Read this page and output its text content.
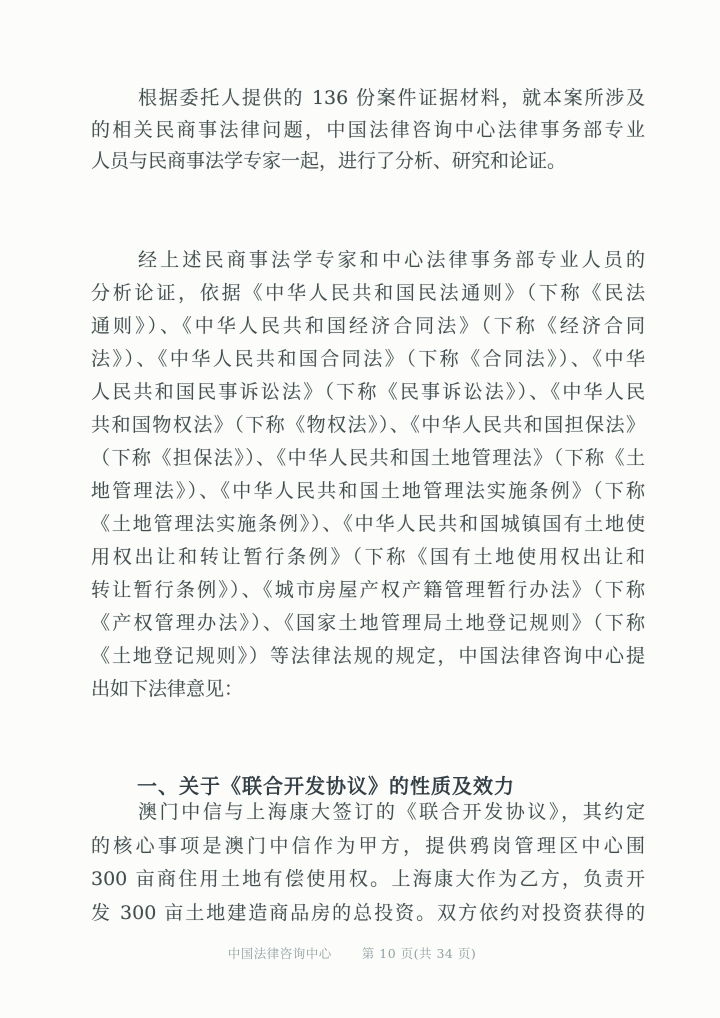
根据委托人提供的 136 份案件证据材料，就本案所涉及
的相关民商事法律问题，中国法律咨询中心法律事务部专业
人员与民商事法学专家一起，进行了分析、研究和论证。
经上述民商事法学专家和中心法律事务部专业人员的
分析论证，依据《中华人民共和国民法通则》（下称《民法
通则》）、《中华人民共和国经济合同法》（下称《经济合同
法》）、《中华人民共和国合同法》（下称《合同法》）、《中华
人民共和国民事诉讼法》（下称《民事诉讼法》）、《中华人民
共和国物权法》（下称《物权法》）、《中华人民共和国担保法》
（下称《担保法》）、《中华人民共和国土地管理法》（下称《土
地管理法》）、《中华人民共和国土地管理法实施条例》（下称
《土地管理法实施条例》）、《中华人民共和国城镇国有土地使
用权出让和转让暂行条例》（下称《国有土地使用权出让和
转让暂行条例》）、《城市房屋产权产籍管理暂行办法》（下称
《产权管理办法》）、《国家土地管理局土地登记规则》（下称
《土地登记规则》）等法律法规的规定，中国法律咨询中心提
出如下法律意见：
一、关于《联合开发协议》的性质及效力
澳门中信与上海康大签订的《联合开发协议》，其约定
的核心事项是澳门中信作为甲方，提供鸦岗管理区中心围
300 亩商住用土地有偿使用权。上海康大作为乙方，负责开
发 300 亩土地建造商品房的总投资。双方依约对投资获得的
中国法律咨询中心 第 10 页(共 34 页)
